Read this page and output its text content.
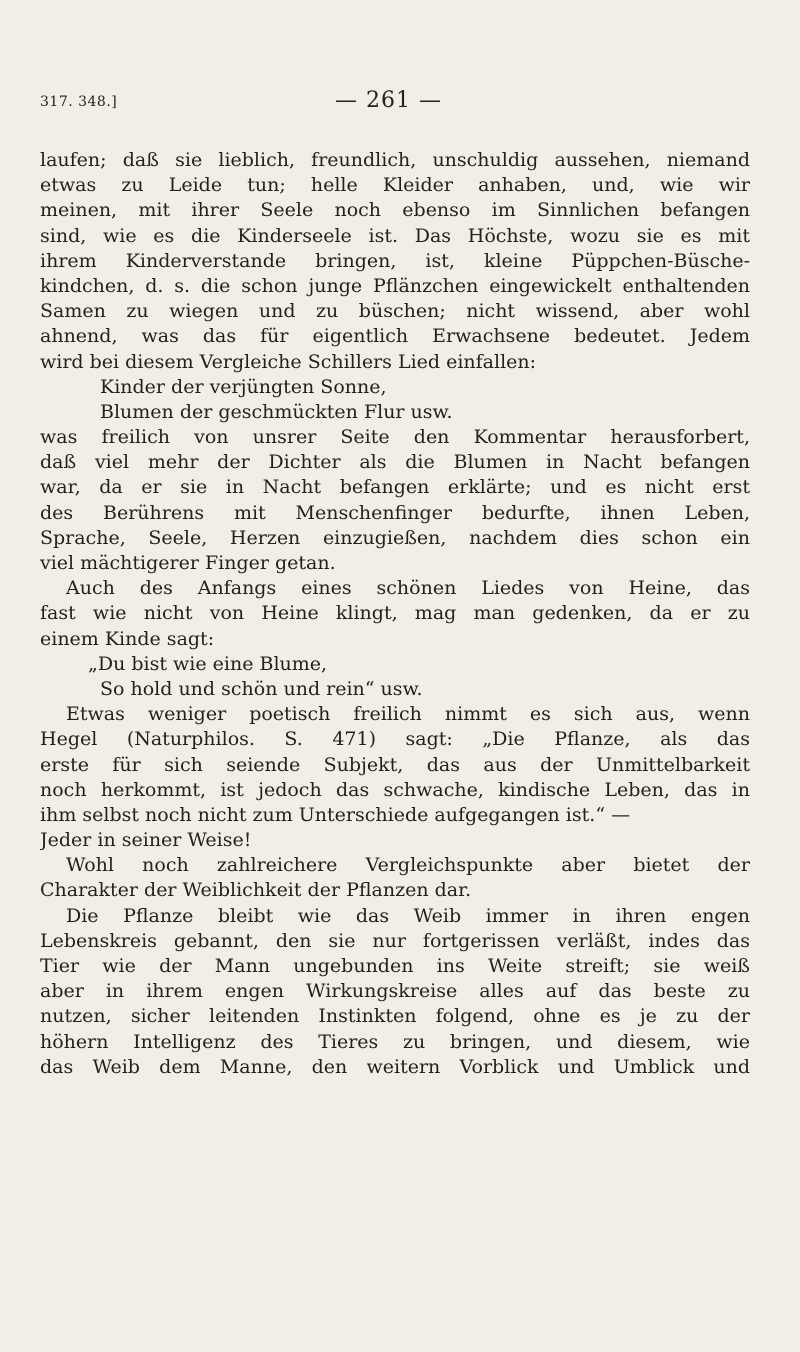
317. 348.]	— 261 —
laufen; daß sie lieblich, freundlich, unschuldig aussehen, niemand
etwas zu Leide tun; helle Kleider anhaben, und, wie wir
meinen, mit ihrer Seele noch ebenso im Sinnlichen befangen
sind, wie es die Kinderseele ist. Das Höchste, wozu sie es mit
ihrem Kinderverstande bringen, ist, kleine Püppchen-Büsche-
kindchen, d. s. die schon junge Pflänzchen eingewickelt enthaltenden
Samen zu wiegen und zu büschen; nicht wissend, aber wohl
ahnend, was das für eigentlich Erwachsene bedeutet. Jedem
wird bei diesem Vergleiche Schillers Lied einfallen:
Kinder der verjüngten Sonne,
Blumen der geschmückten Flur usw.
was freilich von unsrer Seite den Kommentar herausforbert,
daß viel mehr der Dichter als die Blumen in Nacht befangen
war, da er sie in Nacht befangen erklärte; und es nicht erst
des Berührens mit Menschenfinger bedurfte, ihnen Leben,
Sprache, Seele, Herzen einzugießen, nachdem dies schon ein
viel mächtigerer Finger getan.
Auch des Anfangs eines schönen Liedes von Heine, das
fast wie nicht von Heine klingt, mag man gedenken, da er zu
einem Kinde sagt:
„Du bist wie eine Blume,
So hold und schön und rein“ usw.
Etwas weniger poetisch freilich nimmt es sich aus, wenn
Hegel (Naturphilos. S. 471) sagt: „Die Pflanze, als das
erste für sich seiende Subjekt, das aus der Unmittelbarkeit
noch herkommt, ist jedoch das schwache, kindische Leben, das in
ihm selbst noch nicht zum Unterschiede aufgegangen ist.“ —
Jeder in seiner Weise!
Wohl noch zahlreichere Vergleichspunkte aber bietet der
Charakter der Weiblichkeit der Pflanzen dar.
Die Pflanze bleibt wie das Weib immer in ihren engen
Lebenskreis gebannt, den sie nur fortgerissen verläßt, indes das
Tier wie der Mann ungebunden ins Weite streift; sie weiß
aber in ihrem engen Wirkungskreise alles auf das beste zu
nutzen, sicher leitenden Instinkten folgend, ohne es je zu der
höhern Intelligenz des Tieres zu bringen, und diesem, wie
das Weib dem Manne, den weitern Vorblick und Umblick und
